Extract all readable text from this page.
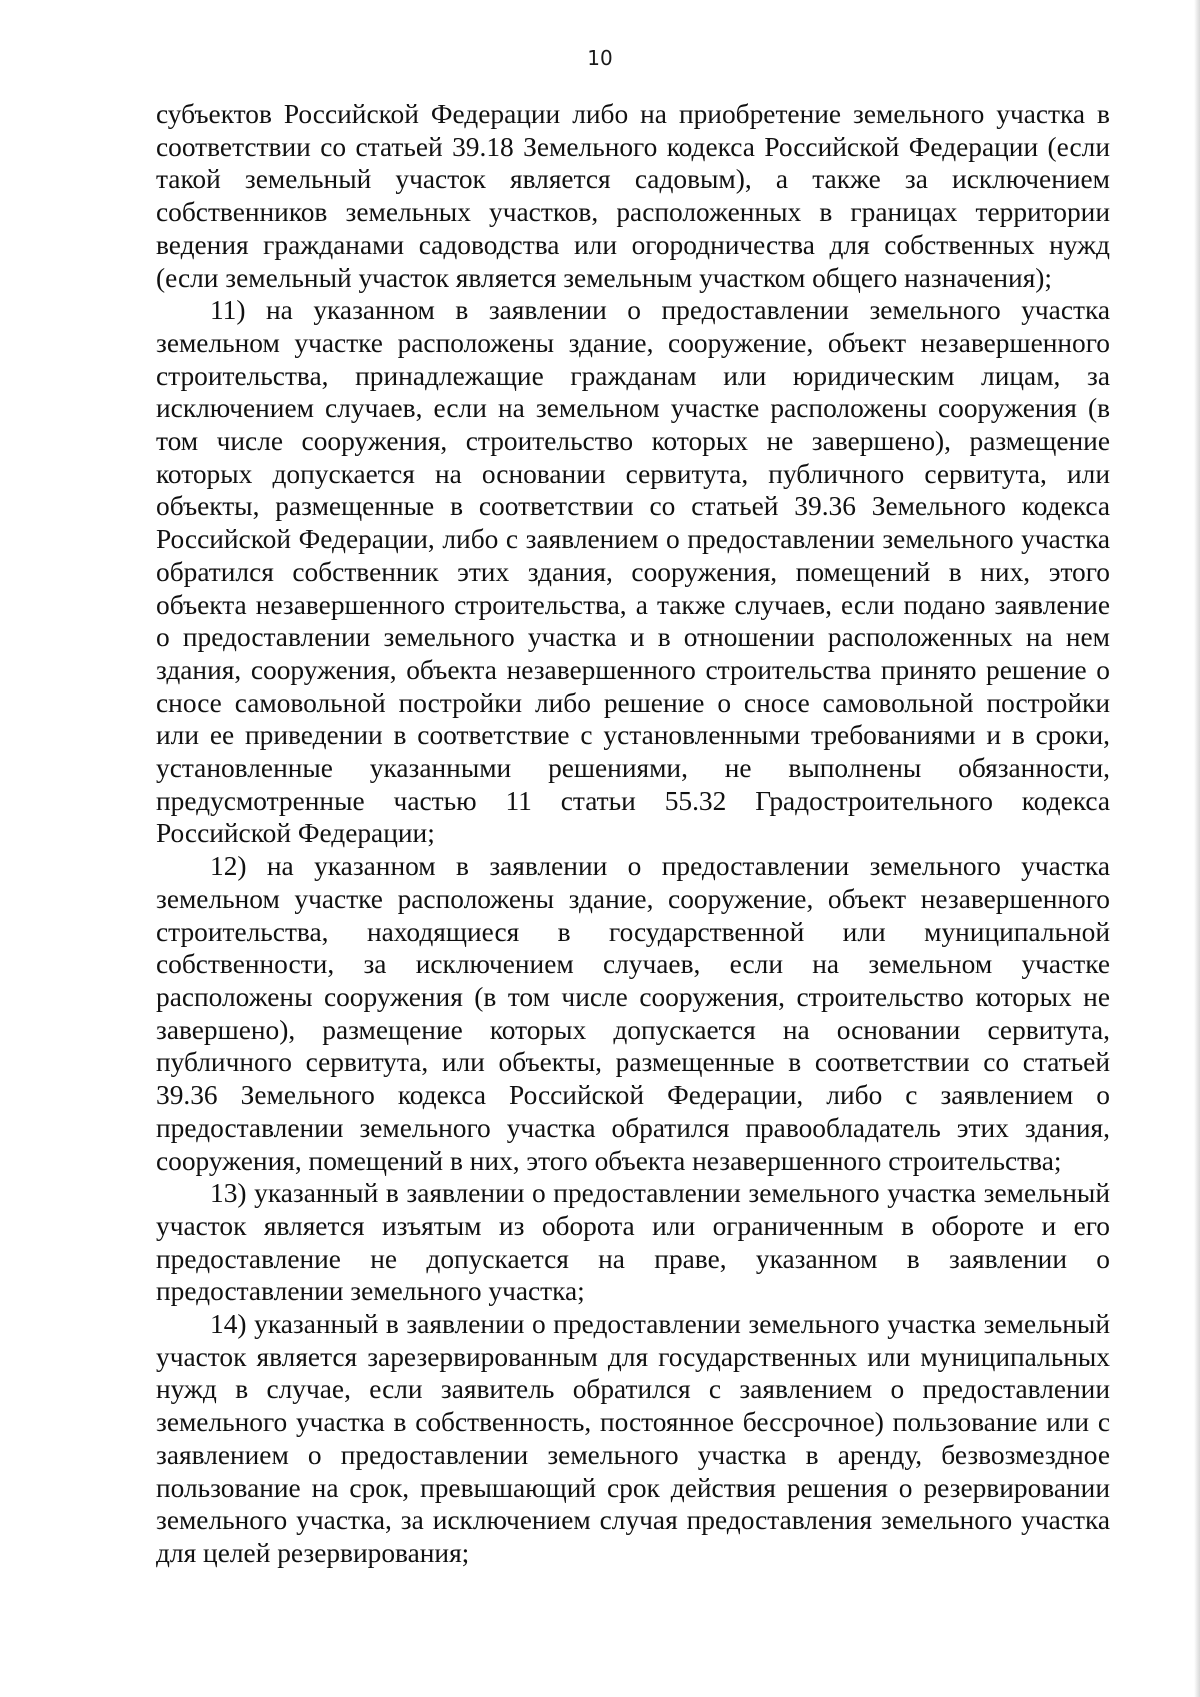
10

субъектов Российской Федерации либо на приобретение земельного участка в соответствии со статьей 39.18 Земельного кодекса Российской Федерации (если такой земельный участок является садовым), а также за исключением собственников земельных участков, расположенных в границах территории ведения гражданами садоводства или огородничества для собственных нужд (если земельный участок является земельным участком общего назначения);

11) на указанном в заявлении о предоставлении земельного участка земельном участке расположены здание, сооружение, объект незавершенного строительства, принадлежащие гражданам или юридическим лицам, за исключением случаев, если на земельном участке расположены сооружения (в том числе сооружения, строительство которых не завершено), размещение которых допускается на основании сервитута, публичного сервитута, или объекты, размещенные в соответствии со статьей 39.36 Земельного кодекса Российской Федерации, либо с заявлением о предоставлении земельного участка обратился собственник этих здания, сооружения, помещений в них, этого объекта незавершенного строительства, а также случаев, если подано заявление о предоставлении земельного участка и в отношении расположенных на нем здания, сооружения, объекта незавершенного строительства принято решение о сносе самовольной постройки либо решение о сносе самовольной постройки или ее приведении в соответствие с установленными требованиями и в сроки, установленные указанными решениями, не выполнены обязанности, предусмотренные частью 11 статьи 55.32 Градостроительного кодекса Российской Федерации;

12) на указанном в заявлении о предоставлении земельного участка земельном участке расположены здание, сооружение, объект незавершенного строительства, находящиеся в государственной или муниципальной собственности, за исключением случаев, если на земельном участке расположены сооружения (в том числе сооружения, строительство которых не завершено), размещение которых допускается на основании сервитута, публичного сервитута, или объекты, размещенные в соответствии со статьей 39.36 Земельного кодекса Российской Федерации, либо с заявлением о предоставлении земельного участка обратился правообладатель этих здания, сооружения, помещений в них, этого объекта незавершенного строительства;

13) указанный в заявлении о предоставлении земельного участка земельный участок является изъятым из оборота или ограниченным в обороте и его предоставление не допускается на праве, указанном в заявлении о предоставлении земельного участка;

14) указанный в заявлении о предоставлении земельного участка земельный участок является зарезервированным для государственных или муниципальных нужд в случае, если заявитель обратился с заявлением о предоставлении земельного участка в собственность, постоянное бессрочное) пользование или с заявлением о предоставлении земельного участка в аренду, безвозмездное пользование на срок, превышающий срок действия решения о резервировании земельного участка, за исключением случая предоставления земельного участка для целей резервирования;
